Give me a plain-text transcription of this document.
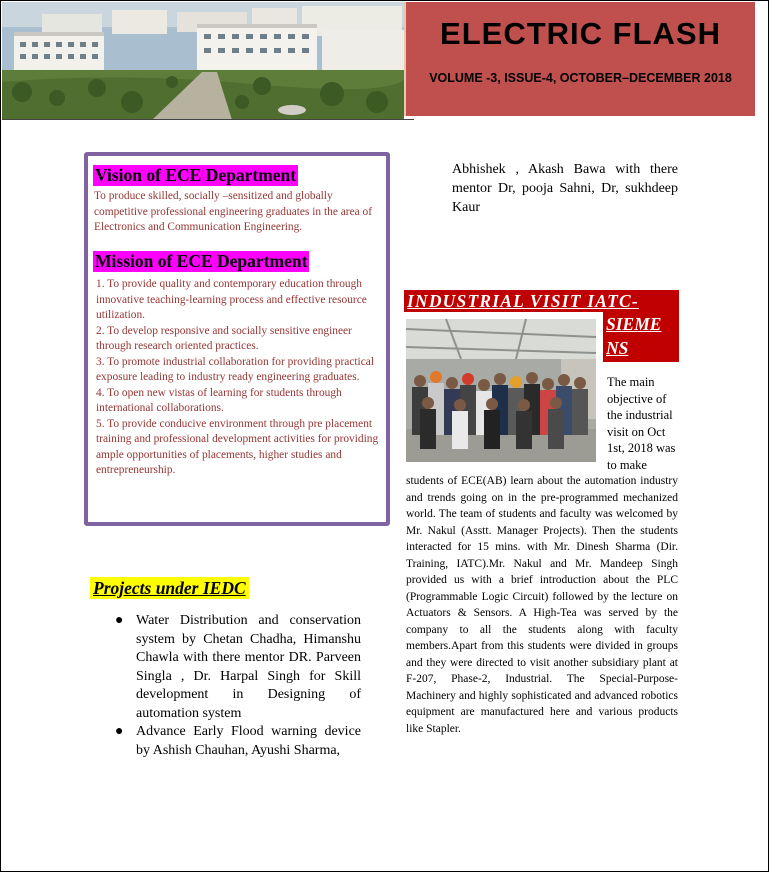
ELECTRIC FLASH
VOLUME -3, ISSUE-4, OCTOBER–DECEMBER 2018
Vision of ECE Department

To produce skilled, socially –sensitized and globally competitive professional engineering graduates in the area of Electronics and Communication Engineering.

Mission of ECE Department
1. To provide quality and contemporary education through innovative teaching-learning process and effective resource utilization.
2. To develop responsive and socially sensitive engineer through research oriented practices.
3. To promote industrial collaboration for providing practical exposure leading to industry ready engineering graduates.
4. To open new vistas of learning for students through international collaborations.
5. To provide conducive environment through pre placement training and professional development activities for providing ample opportunities of placements, higher studies and entrepreneurship.
Projects under IEDC
● Water Distribution and conservation system by Chetan Chadha, Himanshu Chawla with there mentor DR. Parveen Singla , Dr. Harpal Singh for Skill development in Designing of automation system
● Advance Early Flood warning device by Ashish Chauhan, Ayushi Sharma,

Abhishek , Akash Bawa with there mentor Dr, pooja Sahni, Dr, sukhdeep Kaur

INDUSTRIAL VISIT IATC-
SIEME
NS
The main
objective of
the industrial
visit on Oct
1st, 2018 was
to make

students of ECE(AB) learn about the automation industry and trends going on in the pre-programmed mechanized world. The team of students and faculty was welcomed by Mr. Nakul (Asstt. Manager Projects). Then the students interacted for 15 mins. with Mr. Dinesh Sharma (Dir. Training, IATC).Mr. Nakul and Mr. Mandeep Singh provided us with a brief introduction about the PLC (Programmable Logic Circuit) followed by the lecture on Actuators & Sensors. A High-Tea was served by the company to all the students along with faculty members.Apart from this students were divided in groups and they were directed to visit another subsidiary plant at F-207, Phase-2, Industrial. The Special-Purpose-Machinery and highly sophisticated and advanced robotics equipment are manufactured here and various products like Stapler.
